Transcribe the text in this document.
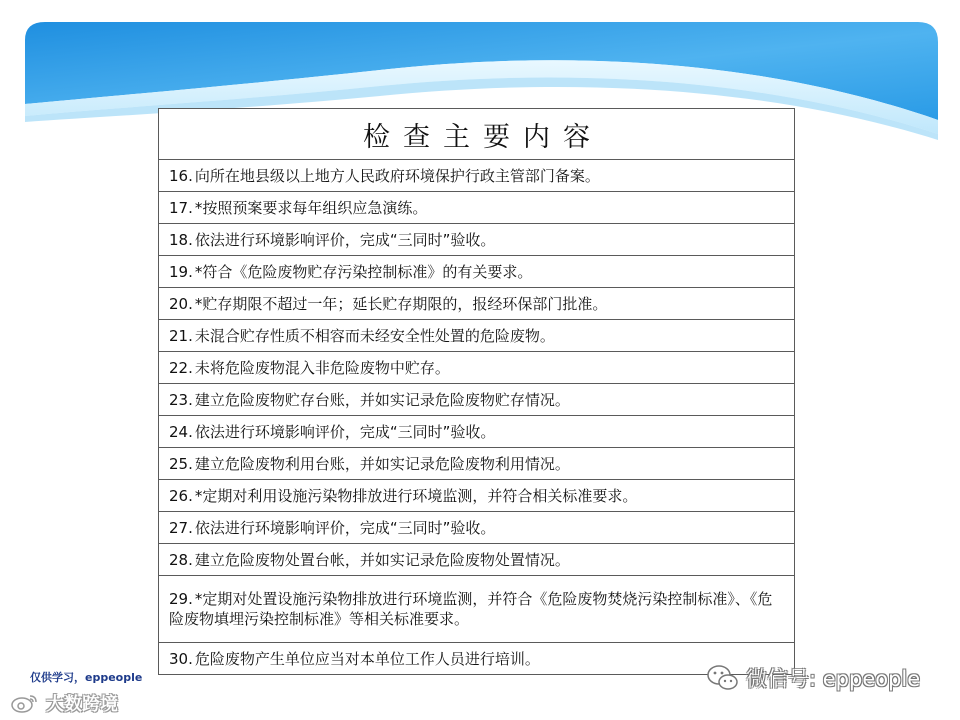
检查主要内容
16. 向所在地县级以上地方人民政府环境保护行政主管部门备案。
17. *按照预案要求每年组织应急演练。
18. 依法进行环境影响评价，完成“三同时”验收。
19. *符合《危险废物贮存污染控制标准》的有关要求。
20. *贮存期限不超过一年；延长贮存期限的，报经环保部门批准。
21. 未混合贮存性质不相容而未经安全性处置的危险废物。
22. 未将危险废物混入非危险废物中贮存。
23. 建立危险废物贮存台账，并如实记录危险废物贮存情况。
24. 依法进行环境影响评价，完成“三同时”验收。
25. 建立危险废物利用台账，并如实记录危险废物利用情况。
26. *定期对利用设施污染物排放进行环境监测，并符合相关标准要求。
27. 依法进行环境影响评价，完成“三同时”验收。
28. 建立危险废物处置台帐，并如实记录危险废物处置情况。
29. *定期对处置设施污染物排放进行环境监测，并符合《危险废物焚烧污染控制标准》、《危险废物填埋污染控制标准》等相关标准要求。
30. 危险废物产生单位应当对本单位工作人员进行培训。
仅供学习，eppeople
大数跨境
微信号: eppeople
